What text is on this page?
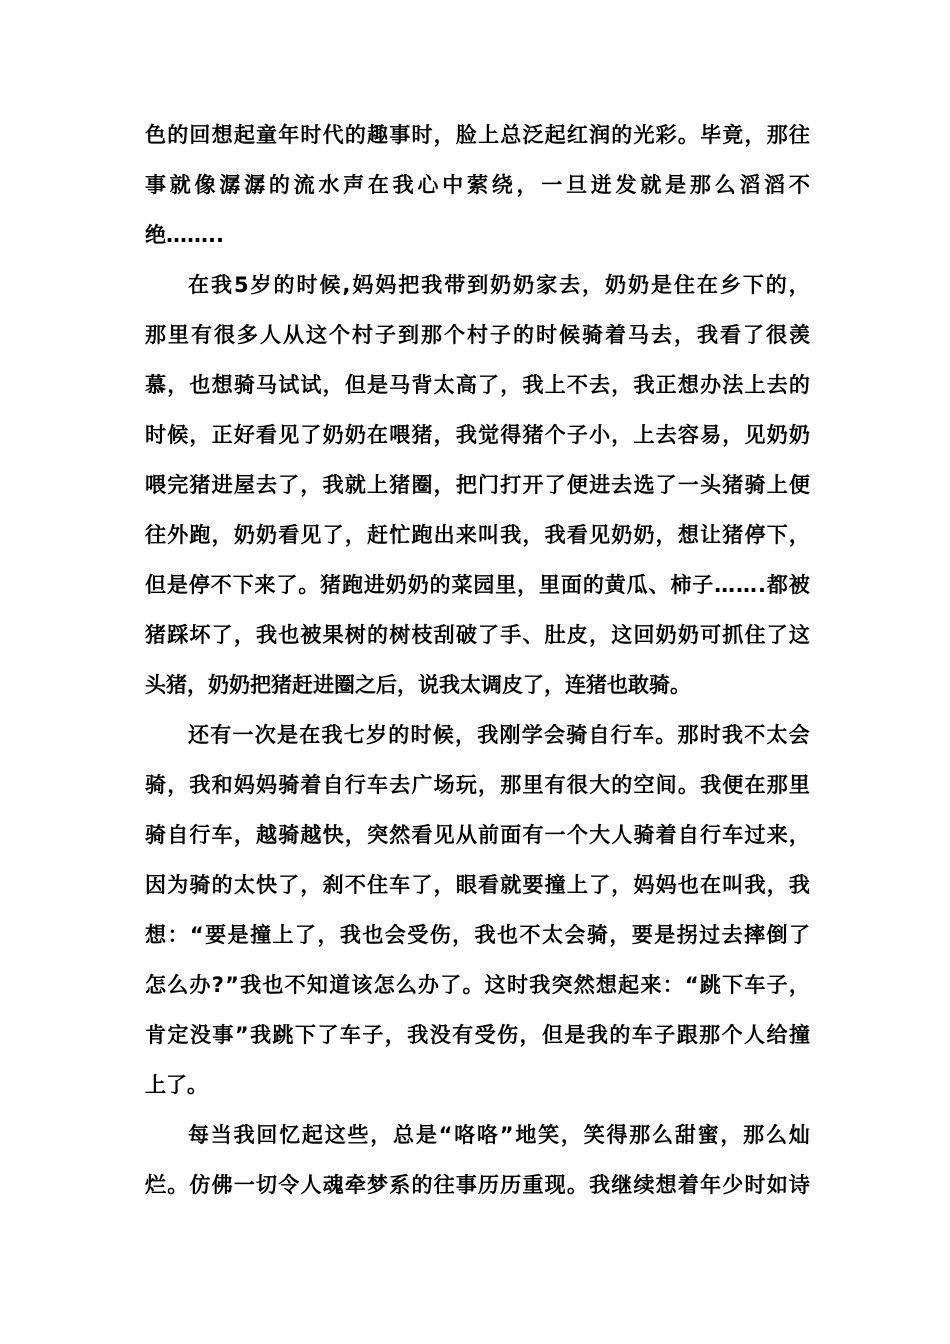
色 的 回 想 起 童 年 时 代 的 趣 事 时 ， 脸 上 总 泛 起 红 润 的 光 彩 。 毕 竟 ， 那 往
事 就 像 潺 潺 的 流 水 声 在 我 心 中 萦 绕 ， 一 旦 迸 发 就 是 那 么 滔 滔 不
绝 … … ..
在 我 5 岁 的 时 候 , 妈 妈 把 我 带 到 奶 奶 家 去 ， 奶 奶 是 住 在 乡 下 的 ，
那 里 有 很 多 人 从 这 个 村 子 到 那 个 村 子 的 时 候 骑 着 马 去 ， 我 看 了 很 羡
慕 ， 也 想 骑 马 试 试 ， 但 是 马 背 太 高 了 ， 我 上 不 去 ， 我 正 想 办 法 上 去 的
时 候 ， 正 好 看 见 了 奶 奶 在 喂 猪 ， 我 觉 得 猪 个 子 小 ， 上 去 容 易 ， 见 奶 奶
喂 完 猪 进 屋 去 了 ， 我 就 上 猪 圈 ， 把 门 打 开 了 便 进 去 选 了 一 头 猪 骑 上 便
往 外 跑 ， 奶 奶 看 见 了 ， 赶 忙 跑 出 来 叫 我 ， 我 看 见 奶 奶 ， 想 让 猪 停 下 ，
但 是 停 不 下 来 了 。 猪 跑 进 奶 奶 的 菜 园 里 ， 里 面 的 黄 瓜 、 柿 子 … … . 都 被
猪 踩 坏 了 ， 我 也 被 果 树 的 树 枝 刮 破 了 手 、 肚 皮 ， 这 回 奶 奶 可 抓 住 了 这
头 猪 ， 奶 奶 把 猪 赶 进 圈 之 后 ， 说 我 太 调 皮 了 ， 连 猪 也 敢 骑 。
还 有 一 次 是 在 我 七 岁 的 时 候 ， 我 刚 学 会 骑 自 行 车 。 那 时 我 不 太 会
骑 ， 我 和 妈 妈 骑 着 自 行 车 去 广 场 玩 ， 那 里 有 很 大 的 空 间 。 我 便 在 那 里
骑 自 行 车 ， 越 骑 越 快 ， 突 然 看 见 从 前 面 有 一 个 大 人 骑 着 自 行 车 过 来 ，
因 为 骑 的 太 快 了 ， 刹 不 住 车 了 ， 眼 看 就 要 撞 上 了 ， 妈 妈 也 在 叫 我 ， 我
想 ： “ 要 是 撞 上 了 ， 我 也 会 受 伤 ， 我 也 不 太 会 骑 ， 要 是 拐 过 去 摔 倒 了
怎 么 办 ? ” 我 也 不 知 道 该 怎 么 办 了 。 这 时 我 突 然 想 起 来 ： “ 跳 下 车 子 ，
肯 定 没 事 ” 我 跳 下 了 车 子 ， 我 没 有 受 伤 ， 但 是 我 的 车 子 跟 那 个 人 给 撞
上 了 。
每 当 我 回 忆 起 这 些 ， 总 是 “ 咯 咯 ” 地 笑 ， 笑 得 那 么 甜 蜜 ， 那 么 灿
烂 。 仿 佛 一 切 令 人 魂 牵 梦 系 的 往 事 历 历 重 现 。 我 继 续 想 着 年 少 时 如 诗
